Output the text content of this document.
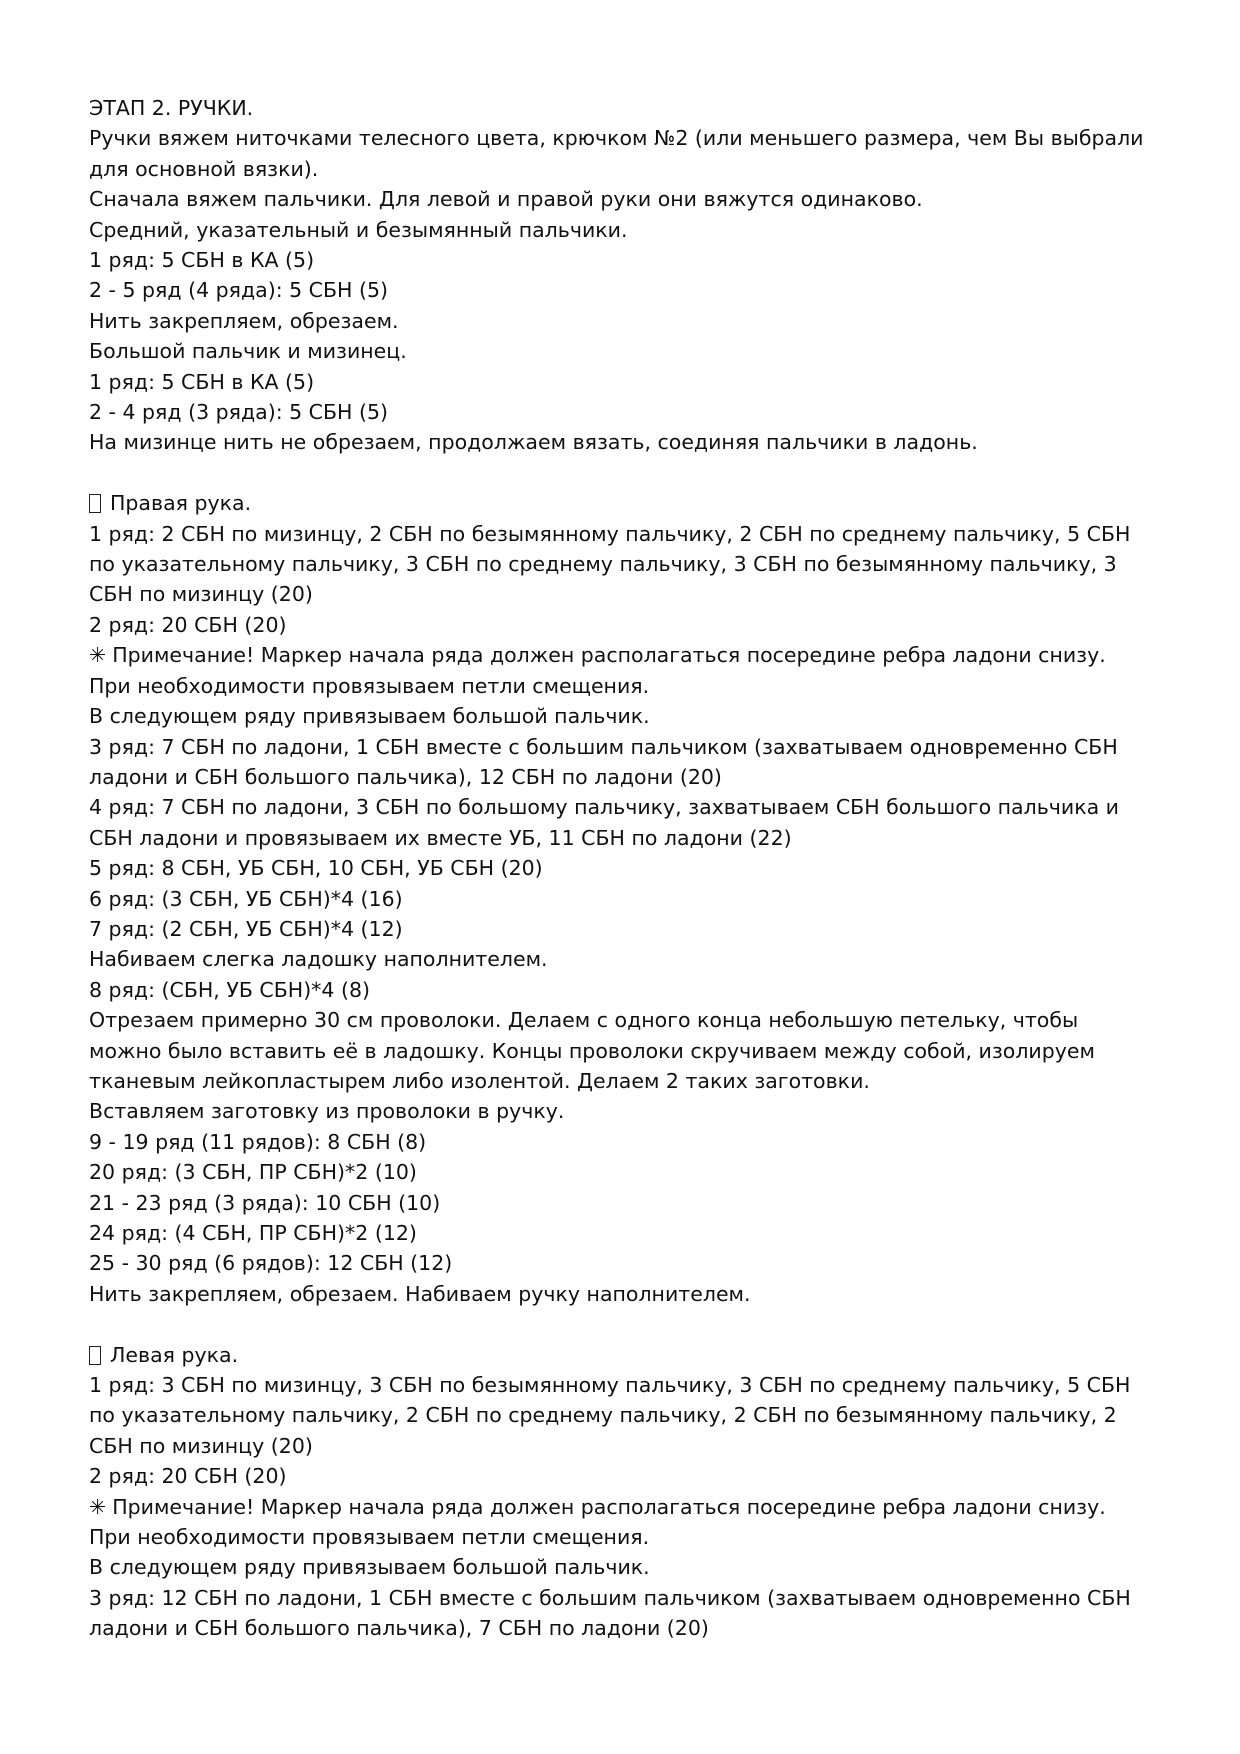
ЭТАП 2. РУЧКИ.

Ручки вяжем ниточками телесного цвета, крючком №2 (или меньшего размера, чем Вы выбрали

для основной вязки).

Сначала вяжем пальчики. Для левой и правой руки они вяжутся одинаково.

Средний, указательный и безымянный пальчики.

1 ряд: 5 СБН в КА (5)

2 - 5 ряд (4 ряда): 5 СБН (5)

Нить закрепляем, обрезаем.

Большой пальчик и мизинец.

1 ряд: 5 СБН в КА (5)

2 - 4 ряд (3 ряда): 5 СБН (5)

На мизинце нить не обрезаем, продолжаем вязать, соединяя пальчики в ладонь.

Правая рука.

1 ряд: 2 СБН по мизинцу, 2 СБН по безымянному пальчику, 2 СБН по среднему пальчику, 5 СБН

по указательному пальчику, 3 СБН по среднему пальчику, 3 СБН по безымянному пальчику, 3

СБН по мизинцу (20)

2 ряд: 20 СБН (20)

✳ Примечание! Маркер начала ряда должен располагаться посередине ребра ладони снизу.

При необходимости провязываем петли смещения.

В следующем ряду привязываем большой пальчик.

3 ряд: 7 СБН по ладони, 1 СБН вместе с большим пальчиком (захватываем одновременно СБН

ладони и СБН большого пальчика), 12 СБН по ладони (20)

4 ряд: 7 СБН по ладони, 3 СБН по большому пальчику, захватываем СБН большого пальчика и

СБН ладони и провязываем их вместе УБ, 11 СБН по ладони (22)

5 ряд: 8 СБН, УБ СБН, 10 СБН, УБ СБН (20)

6 ряд: (3 СБН, УБ СБН)*4 (16)

7 ряд: (2 СБН, УБ СБН)*4 (12)

Набиваем слегка ладошку наполнителем.

8 ряд: (СБН, УБ СБН)*4 (8)

Отрезаем примерно 30 см проволоки. Делаем с одного конца небольшую петельку, чтобы

можно было вставить её в ладошку. Концы проволоки скручиваем между собой, изолируем

тканевым лейкопластырем либо изолентой. Делаем 2 таких заготовки.

Вставляем заготовку из проволоки в ручку.

9 - 19 ряд (11 рядов): 8 СБН (8)

20 ряд: (3 СБН, ПР СБН)*2 (10)

21 - 23 ряд (3 ряда): 10 СБН (10)

24 ряд: (4 СБН, ПР СБН)*2 (12)

25 - 30 ряд (6 рядов): 12 СБН (12)

Нить закрепляем, обрезаем. Набиваем ручку наполнителем.

Левая рука.

1 ряд: 3 СБН по мизинцу, 3 СБН по безымянному пальчику, 3 СБН по среднему пальчику, 5 СБН

по указательному пальчику, 2 СБН по среднему пальчику, 2 СБН по безымянному пальчику, 2

СБН по мизинцу (20)

2 ряд: 20 СБН (20)

✳ Примечание! Маркер начала ряда должен располагаться посередине ребра ладони снизу.

При необходимости провязываем петли смещения.

В следующем ряду привязываем большой пальчик.

3 ряд: 12 СБН по ладони, 1 СБН вместе с большим пальчиком (захватываем одновременно СБН

ладони и СБН большого пальчика), 7 СБН по ладони (20)
